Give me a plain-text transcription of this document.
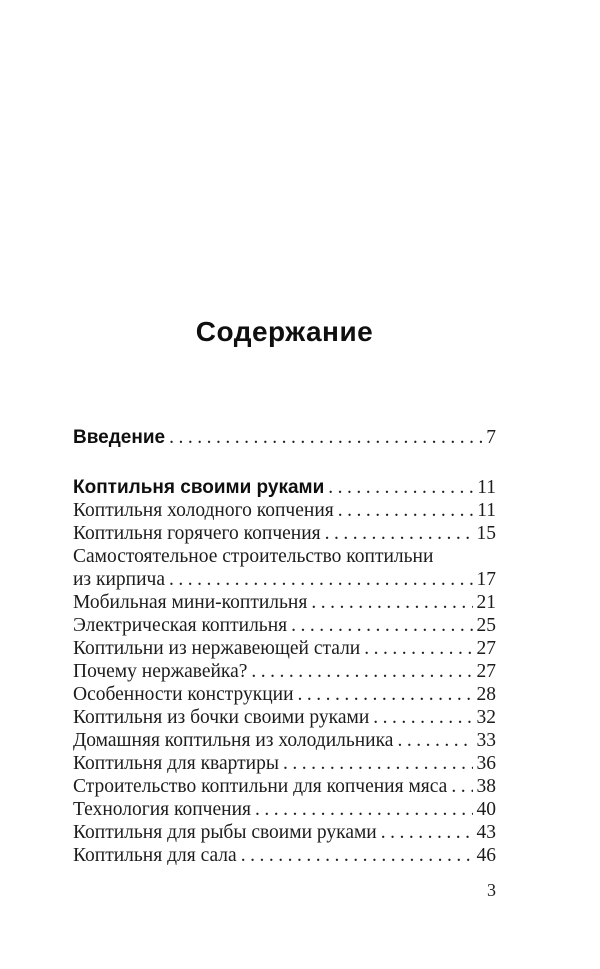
Содержание
Введение .....	7
Коптильня своими руками .....	11
Коптильня холодного копчения .....	11
Коптильня горячего копчения .....	15
Самостоятельное строительство коптильни
из кирпича .....	17
Мобильная мини-коптильня .....	21
Электрическая коптильня .....	25
Коптильни из нержавеющей стали .....	27
Почему нержавейка? .....	27
Особенности конструкции .....	28
Коптильня из бочки своими руками .....	32
Домашняя коптильня из холодильника .....	33
Коптильня для квартиры .....	36
Строительство коптильни для копчения мяса ..... 38
Технология копчения .....	40
Коптильня для рыбы своими руками .....	43
Коптильня для сала .....	46
3
